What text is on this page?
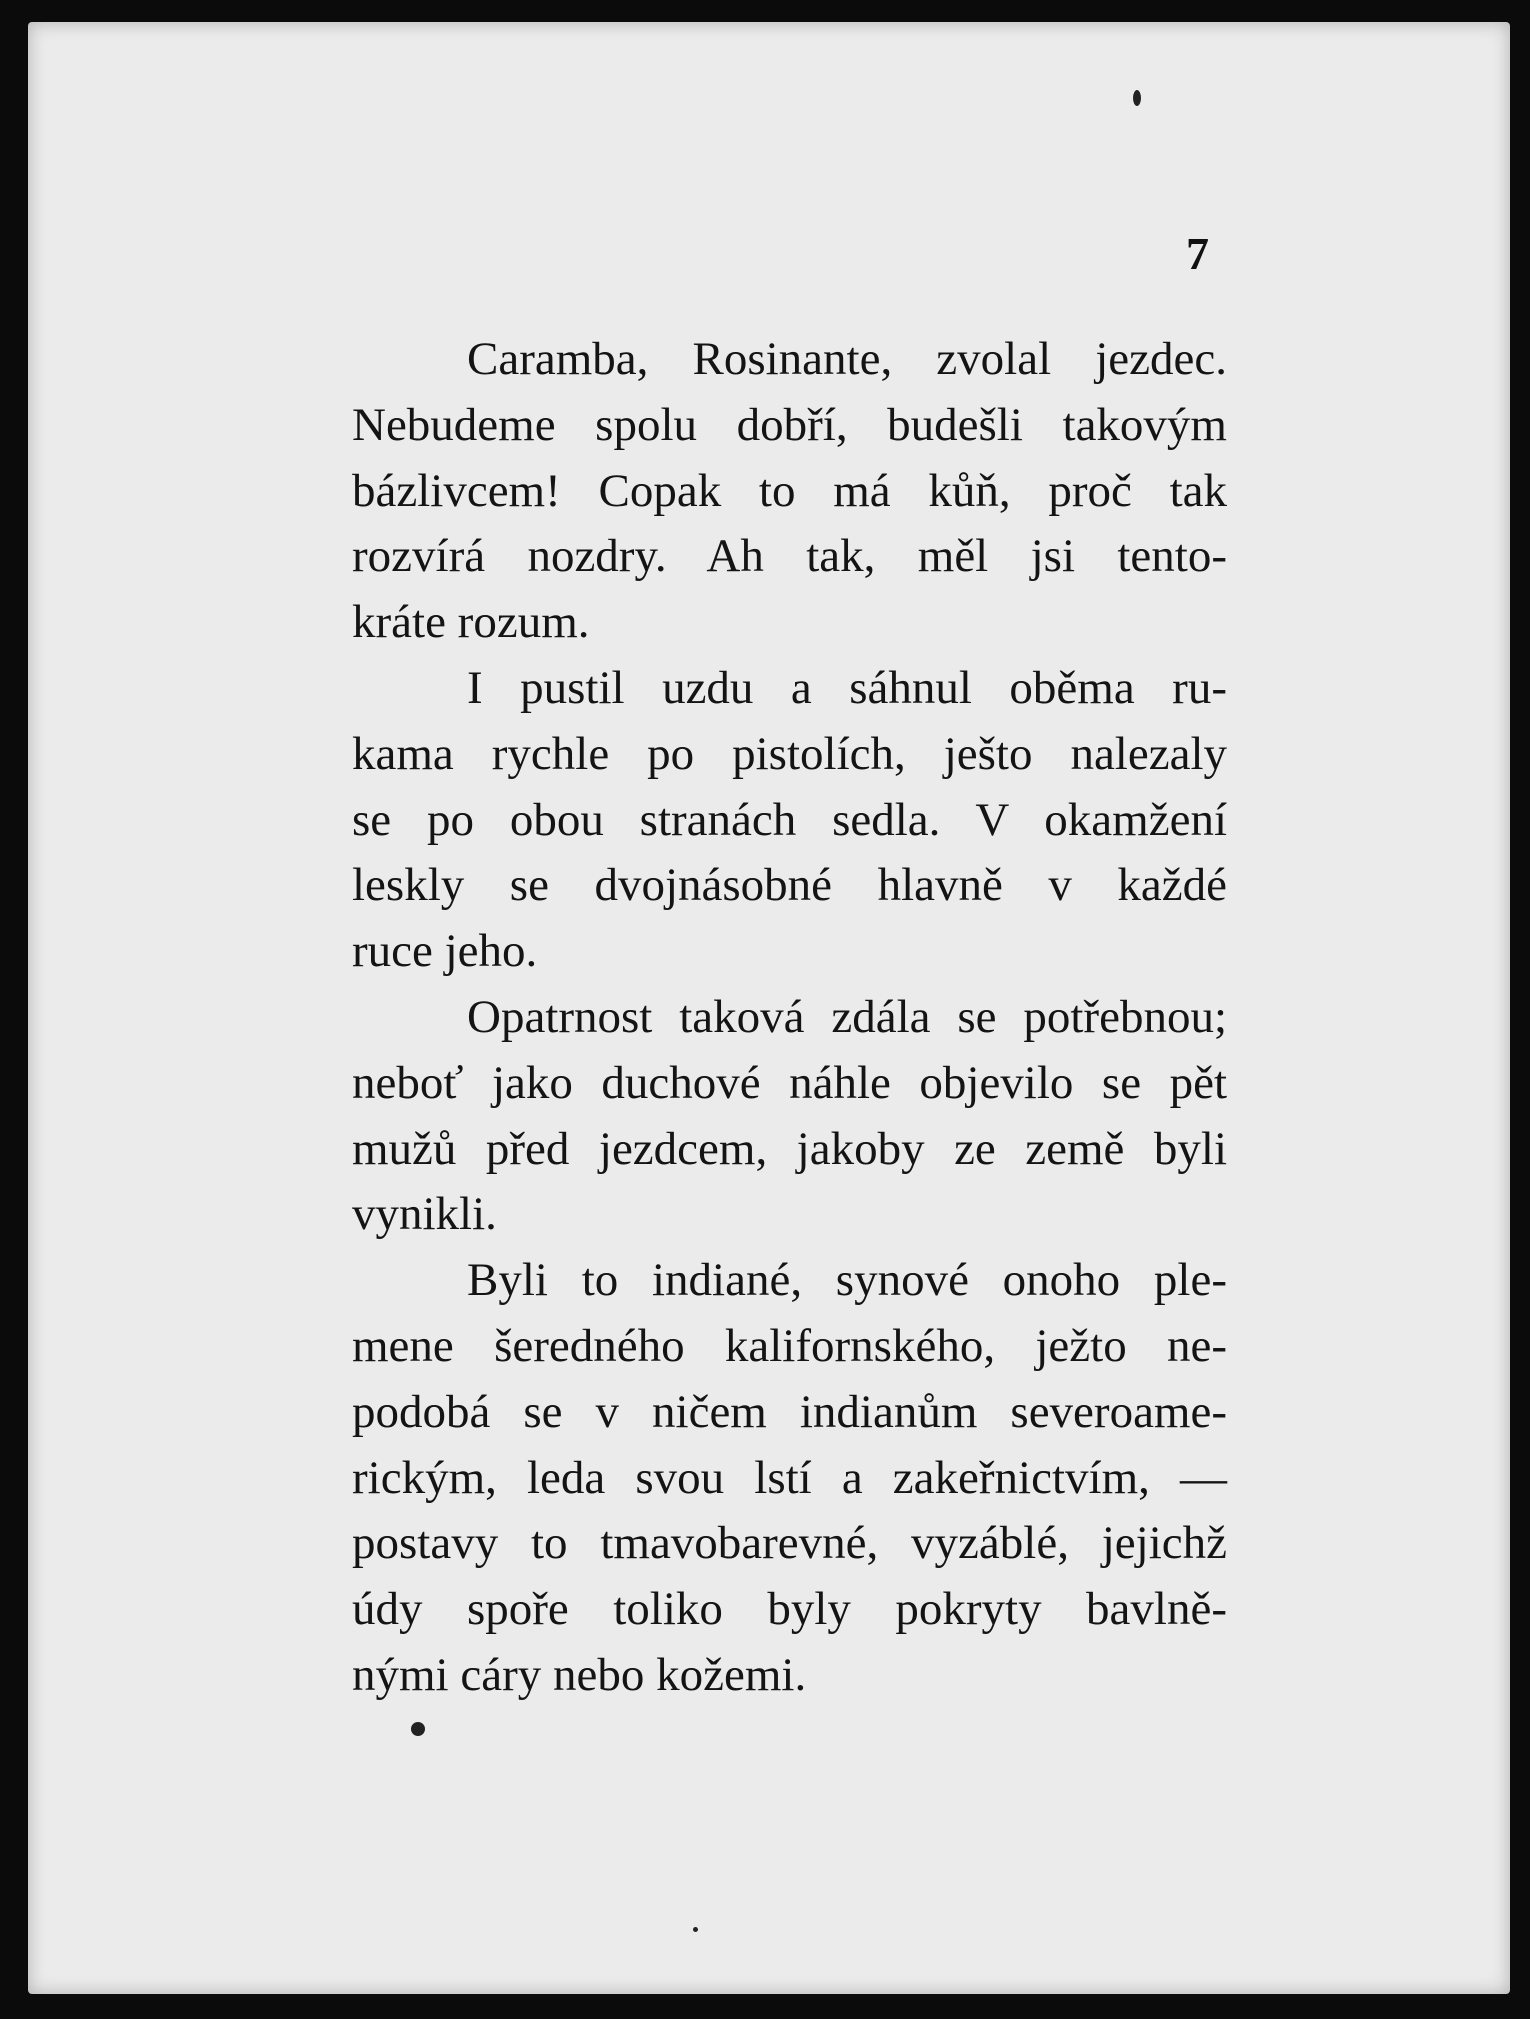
7

Caramba, Rosinante, zvolal jezdec.
Nebudeme spolu dobří, budešli takovým
bázlivcem! Copak to má kůň, proč tak
rozvírá nozdry. Ah tak, měl jsi tento-
kráte rozum.
I pustil uzdu a sáhnul oběma ru-
kama rychle po pistolích, ješto nalezaly
se po obou stranách sedla. V okamžení
leskly se dvojnásobné hlavně v každé
ruce jeho.
Opatrnost taková zdála se potřebnou;
neboť jako duchové náhle objevilo se pět
mužů před jezdcem, jakoby ze země byli
vynikli.
Byli to indiané, synové onoho ple-
mene šeredného kalifornského, ježto ne-
podobá se v ničem indianům severoame-
rickým, leda svou lstí a zakeřnictvím, —
postavy to tmavobarevné, vyzáblé, jejichž
údy spoře toliko byly pokryty bavlně-
nými cáry nebo kožemi.
